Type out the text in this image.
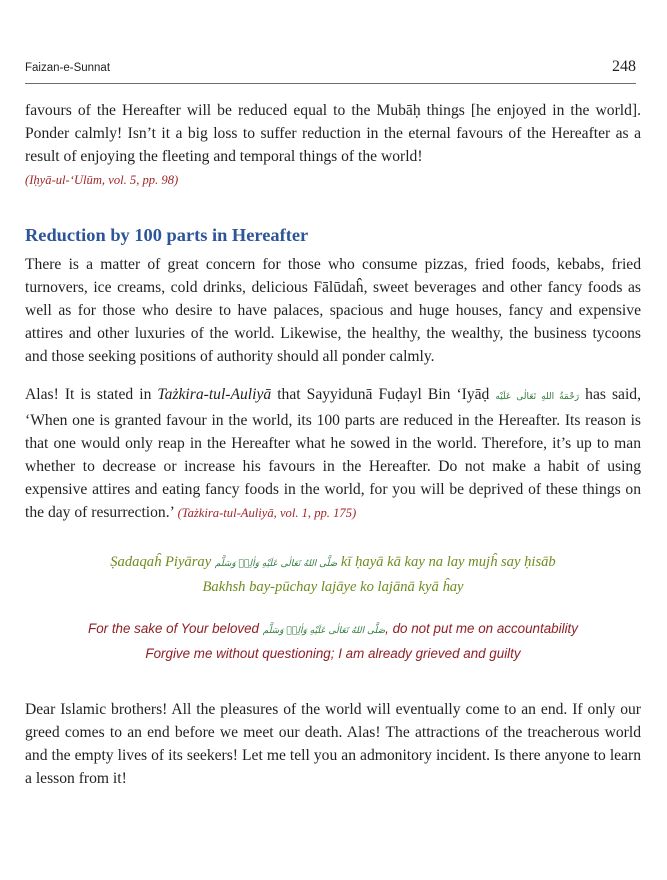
Faizan-e-Sunnat	248

favours of the Hereafter will be reduced equal to the Mubāḥ things [he enjoyed in the world]. Ponder calmly! Isn’t it a big loss to suffer reduction in the eternal favours of the Hereafter as a result of enjoying the fleeting and temporal things of the world!
(Iḥyā-ul-‘Ulūm, vol. 5, pp. 98)

Reduction by 100 parts in Hereafter

There is a matter of great concern for those who consume pizzas, fried foods, kebabs, fried turnovers, ice creams, cold drinks, delicious Fālūdaĥ, sweet beverages and other fancy foods as well as for those who desire to have palaces, spacious and huge houses, fancy and expensive attires and other luxuries of the world. Likewise, the healthy, the wealthy, the business tycoons and those seeking positions of authority should all ponder calmly.

Alas! It is stated in Tażkira-tul-Auliyā that Sayyidunā Fuḍayl Bin ‘Iyāḍ رَحْمَةُ اللهِ تَعَالٰى عَلَيْه has said, ‘When one is granted favour in the world, its 100 parts are reduced in the Hereafter. Its reason is that one would only reap in the Hereafter what he sowed in the world. Therefore, it’s up to man whether to decrease or increase his favours in the Hereafter. Do not make a habit of using expensive attires and eating fancy foods in the world, for you will be deprived of these things on the day of resurrection.’ (Tażkira-tul-Auliyā, vol. 1, pp. 175)

Ṣadaqaĥ Piyāray صَلَّى اللهُ تَعَالٰى عَلَيْهِ وَاٰلِهٖ وَسَلَّم kī ḥayā kā kay na lay mujĥ say ḥisāb
Bakhsh bay-pūchay lajāye ko lajānā kyā ĥay
For the sake of Your beloved صَلَّى اللهُ تَعَالٰى عَلَيْهِ وَاٰلِهٖ وَسَلَّم, do not put me on accountability
Forgive me without questioning; I am already grieved and guilty

Dear Islamic brothers! All the pleasures of the world will eventually come to an end. If only our greed comes to an end before we meet our death. Alas! The attractions of the treacherous world and the empty lives of its seekers! Let me tell you an admonitory incident. Is there anyone to learn a lesson from it!
